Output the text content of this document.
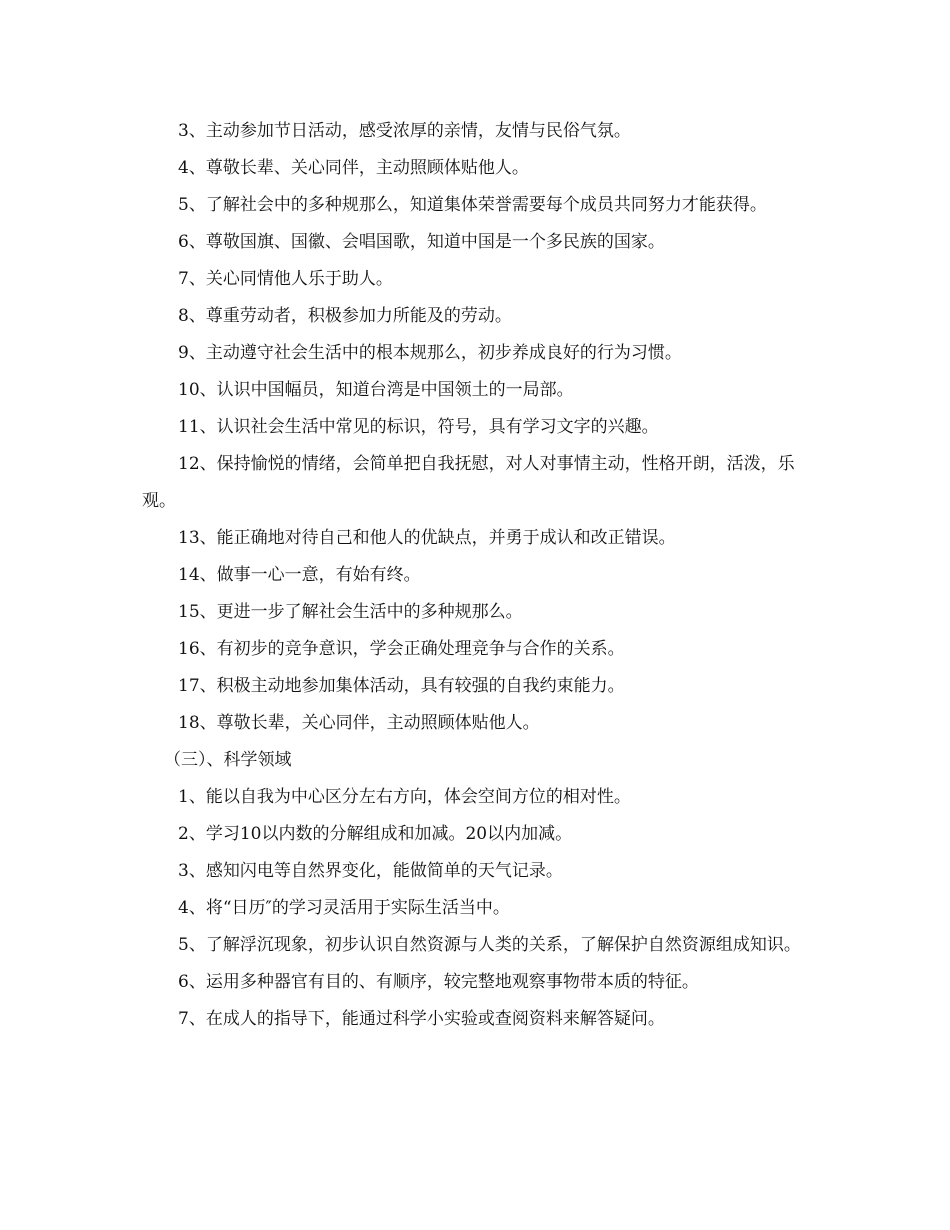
3、主动参加节日活动，感受浓厚的亲情，友情与民俗气氛。

4、尊敬长辈、关心同伴，主动照顾体贴他人。

5、了解社会中的多种规那么，知道集体荣誉需要每个成员共同努力才能获得。

6、尊敬国旗、国徽、会唱国歌，知道中国是一个多民族的国家。

7、关心同情他人乐于助人。

8、尊重劳动者，积极参加力所能及的劳动。

9、主动遵守社会生活中的根本规那么，初步养成良好的行为习惯。

10、认识中国幅员，知道台湾是中国领土的一局部。

11、认识社会生活中常见的标识，符号，具有学习文字的兴趣。

12、保持愉悦的情绪，会简单把自我抚慰，对人对事情主动，性格开朗，活泼，乐观。

13、能正确地对待自己和他人的优缺点，并勇于成认和改正错误。

14、做事一心一意，有始有终。

15、更进一步了解社会生活中的多种规那么。

16、有初步的竞争意识，学会正确处理竞争与合作的关系。

17、积极主动地参加集体活动，具有较强的自我约束能力。

18、尊敬长辈，关心同伴，主动照顾体贴他人。

（三）、科学领域

1、能以自我为中心区分左右方向，体会空间方位的相对性。

2、学习10以内数的分解组成和加减。20以内加减。

3、感知闪电等自然界变化，能做简单的天气记录。

4、将“日历″的学习灵活用于实际生活当中。

5、了解浮沉现象，初步认识自然资源与人类的关系，了解保护自然资源组成知识。

6、运用多种器官有目的、有顺序，较完整地观察事物带本质的特征。

7、在成人的指导下，能通过科学小实验或查阅资料来解答疑问。
